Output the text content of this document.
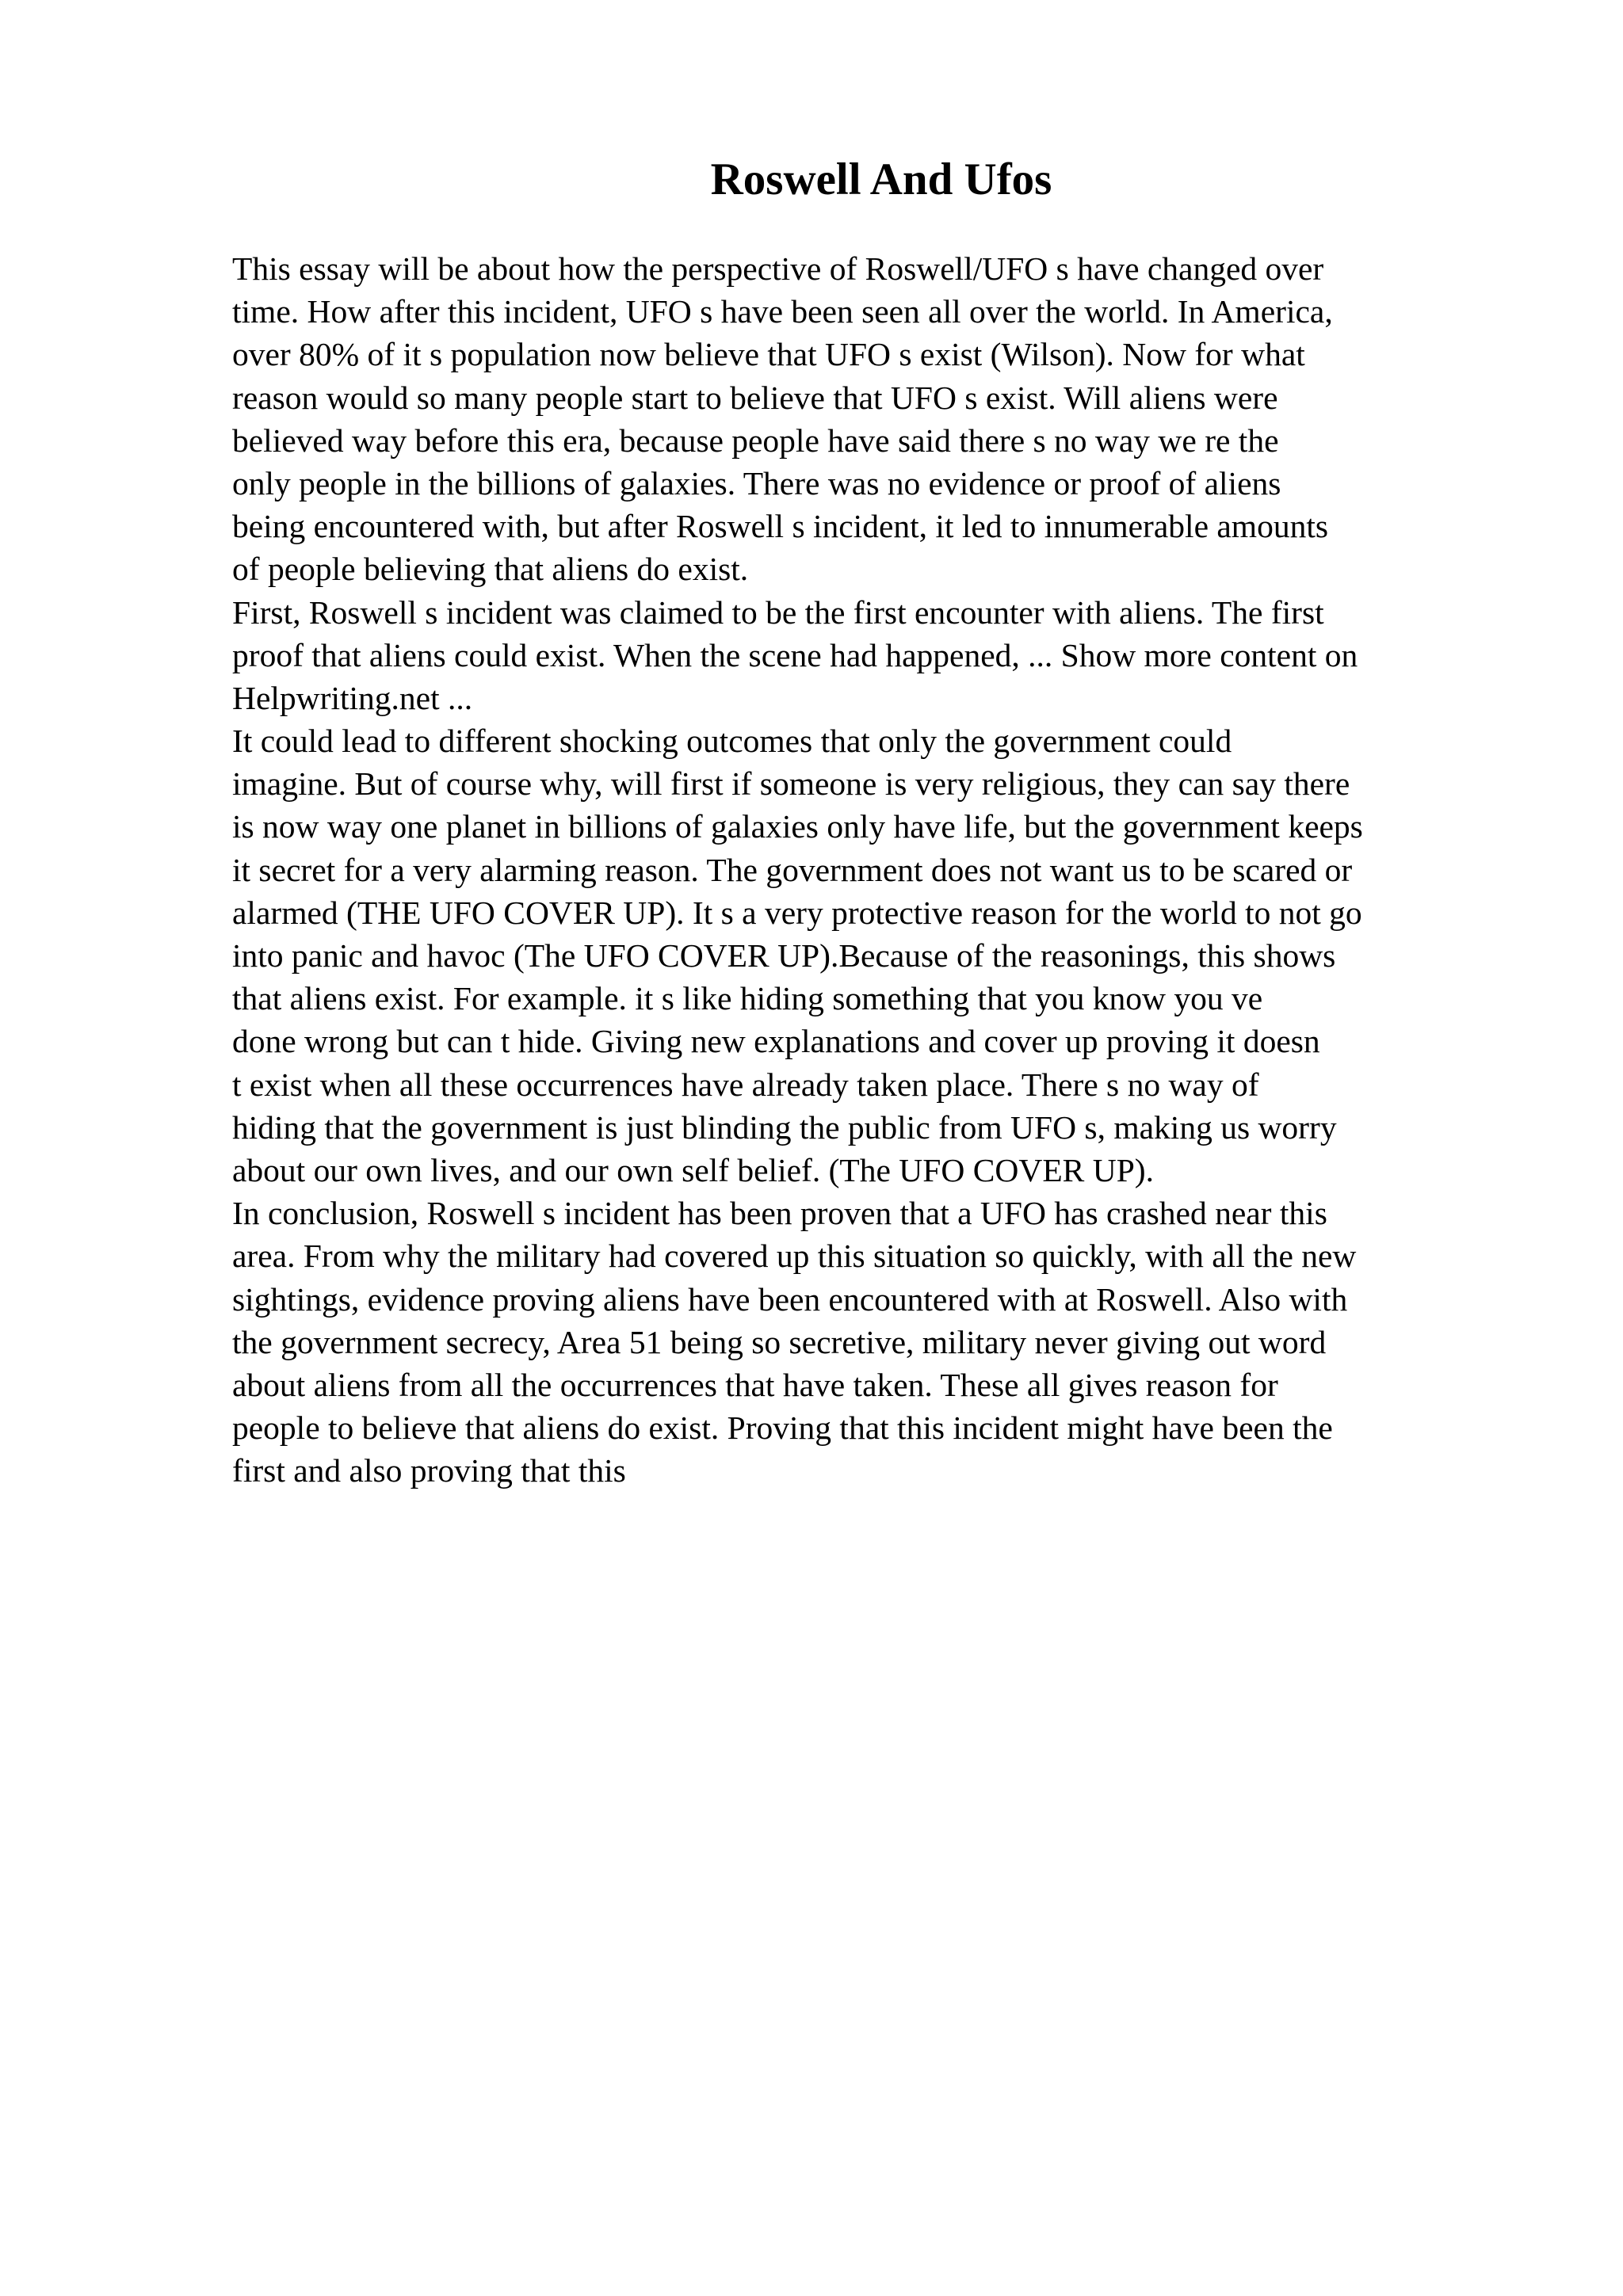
Roswell And Ufos
This essay will be about how the perspective of Roswell/UFO s have changed over
time. How after this incident, UFO s have been seen all over the world. In America,
over 80% of it s population now believe that UFO s exist (Wilson). Now for what
reason would so many people start to believe that UFO s exist. Will aliens were
believed way before this era, because people have said there s no way we re the
only people in the billions of galaxies. There was no evidence or proof of aliens
being encountered with, but after Roswell s incident, it led to innumerable amounts
of people believing that aliens do exist.
First, Roswell s incident was claimed to be the first encounter with aliens. The first
proof that aliens could exist. When the scene had happened, ... Show more content on
Helpwriting.net ...
It could lead to different shocking outcomes that only the government could
imagine. But of course why, will first if someone is very religious, they can say there
is now way one planet in billions of galaxies only have life, but the government keeps
it secret for a very alarming reason. The government does not want us to be scared or
alarmed (THE UFO COVER UP). It s a very protective reason for the world to not go
into panic and havoc (The UFO COVER UP).Because of the reasonings, this shows
that aliens exist. For example. it s like hiding something that you know you ve
done wrong but can t hide. Giving new explanations and cover up proving it doesn
t exist when all these occurrences have already taken place. There s no way of
hiding that the government is just blinding the public from UFO s, making us worry
about our own lives, and our own self belief. (The UFO COVER UP).
In conclusion, Roswell s incident has been proven that a UFO has crashed near this
area. From why the military had covered up this situation so quickly, with all the new
sightings, evidence proving aliens have been encountered with at Roswell. Also with
the government secrecy, Area 51 being so secretive, military never giving out word
about aliens from all the occurrences that have taken. These all gives reason for
people to believe that aliens do exist. Proving that this incident might have been the
first and also proving that this
